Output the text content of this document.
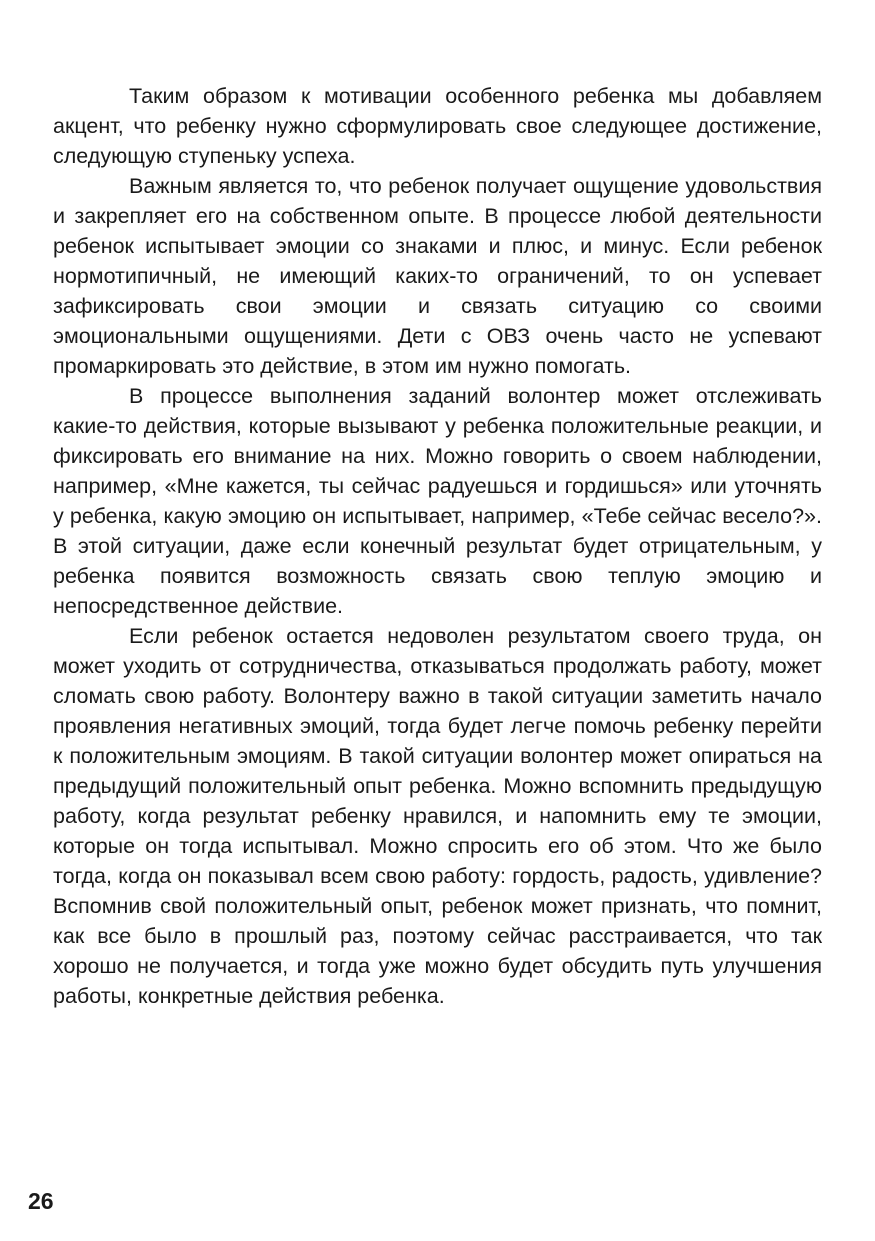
Таким образом к мотивации особенного ребенка мы добавляем акцент, что ребенку нужно сформулировать свое следующее достижение, следующую ступеньку успеха.

Важным является то, что ребенок получает ощущение удовольствия и закрепляет его на собственном опыте. В процессе любой деятельности ребенок испытывает эмоции со знаками и плюс, и минус. Если ребенок нормотипичный, не имеющий каких-то ограничений, то он успевает зафиксировать свои эмоции и связать ситуацию со своими эмоциональными ощущениями. Дети с ОВЗ очень часто не успевают промаркировать это действие, в этом им нужно помогать.

В процессе выполнения заданий волонтер может отслеживать какие-то действия, которые вызывают у ребенка положительные реакции, и фиксировать его внимание на них. Можно говорить о своем наблюдении, например, «Мне кажется, ты сейчас радуешься и гордишься» или уточнять у ребенка, какую эмоцию он испытывает, например, «Тебе сейчас весело?». В этой ситуации, даже если конечный результат будет отрицательным, у ребенка появится возможность связать свою теплую эмоцию и непосредственное действие.

Если ребенок остается недоволен результатом своего труда, он может уходить от сотрудничества, отказываться продолжать работу, может сломать свою работу. Волонтеру важно в такой ситуации заметить начало проявления негативных эмоций, тогда будет легче помочь ребенку перейти к положительным эмоциям. В такой ситуации волонтер может опираться на предыдущий положительный опыт ребенка. Можно вспомнить предыдущую работу, когда результат ребенку нравился, и напомнить ему те эмоции, которые он тогда испытывал. Можно спросить его об этом. Что же было тогда, когда он показывал всем свою работу: гордость, радость, удивление? Вспомнив свой положительный опыт, ребенок может признать, что помнит, как все было в прошлый раз, поэтому сейчас расстраивается, что так хорошо не получается, и тогда уже можно будет обсудить путь улучшения работы, конкретные действия ребенка.

26
